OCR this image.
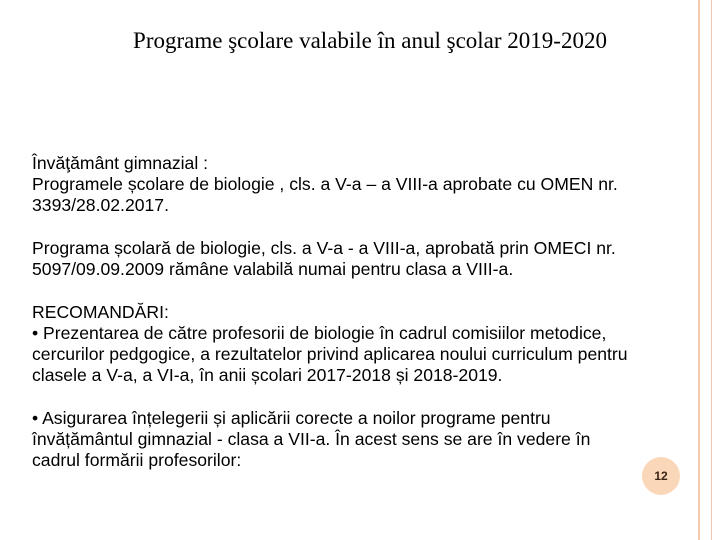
Programe şcolare valabile în anul şcolar 2019-2020
Învăţământ gimnazial :
Programele școlare de biologie , cls. a V-a – a VIII-a aprobate cu OMEN nr.
3393/28.02.2017.
Programa școlară de biologie, cls. a V-a - a VIII-a, aprobată prin OMECI nr.
5097/09.09.2009 rămâne valabilă numai pentru clasa a VIII-a.
RECOMANDĂRI:
• Prezentarea de către profesorii de biologie în cadrul comisiilor metodice,
cercurilor pedgogice, a rezultatelor privind aplicarea noului curriculum pentru
clasele a V-a, a VI-a, în anii școlari 2017-2018 și 2018-2019.
• Asigurarea înțelegerii și aplicării corecte a noilor programe pentru
învățământul gimnazial - clasa a VII-a. În acest sens se are în vedere în
cadrul formării profesorilor:
12
